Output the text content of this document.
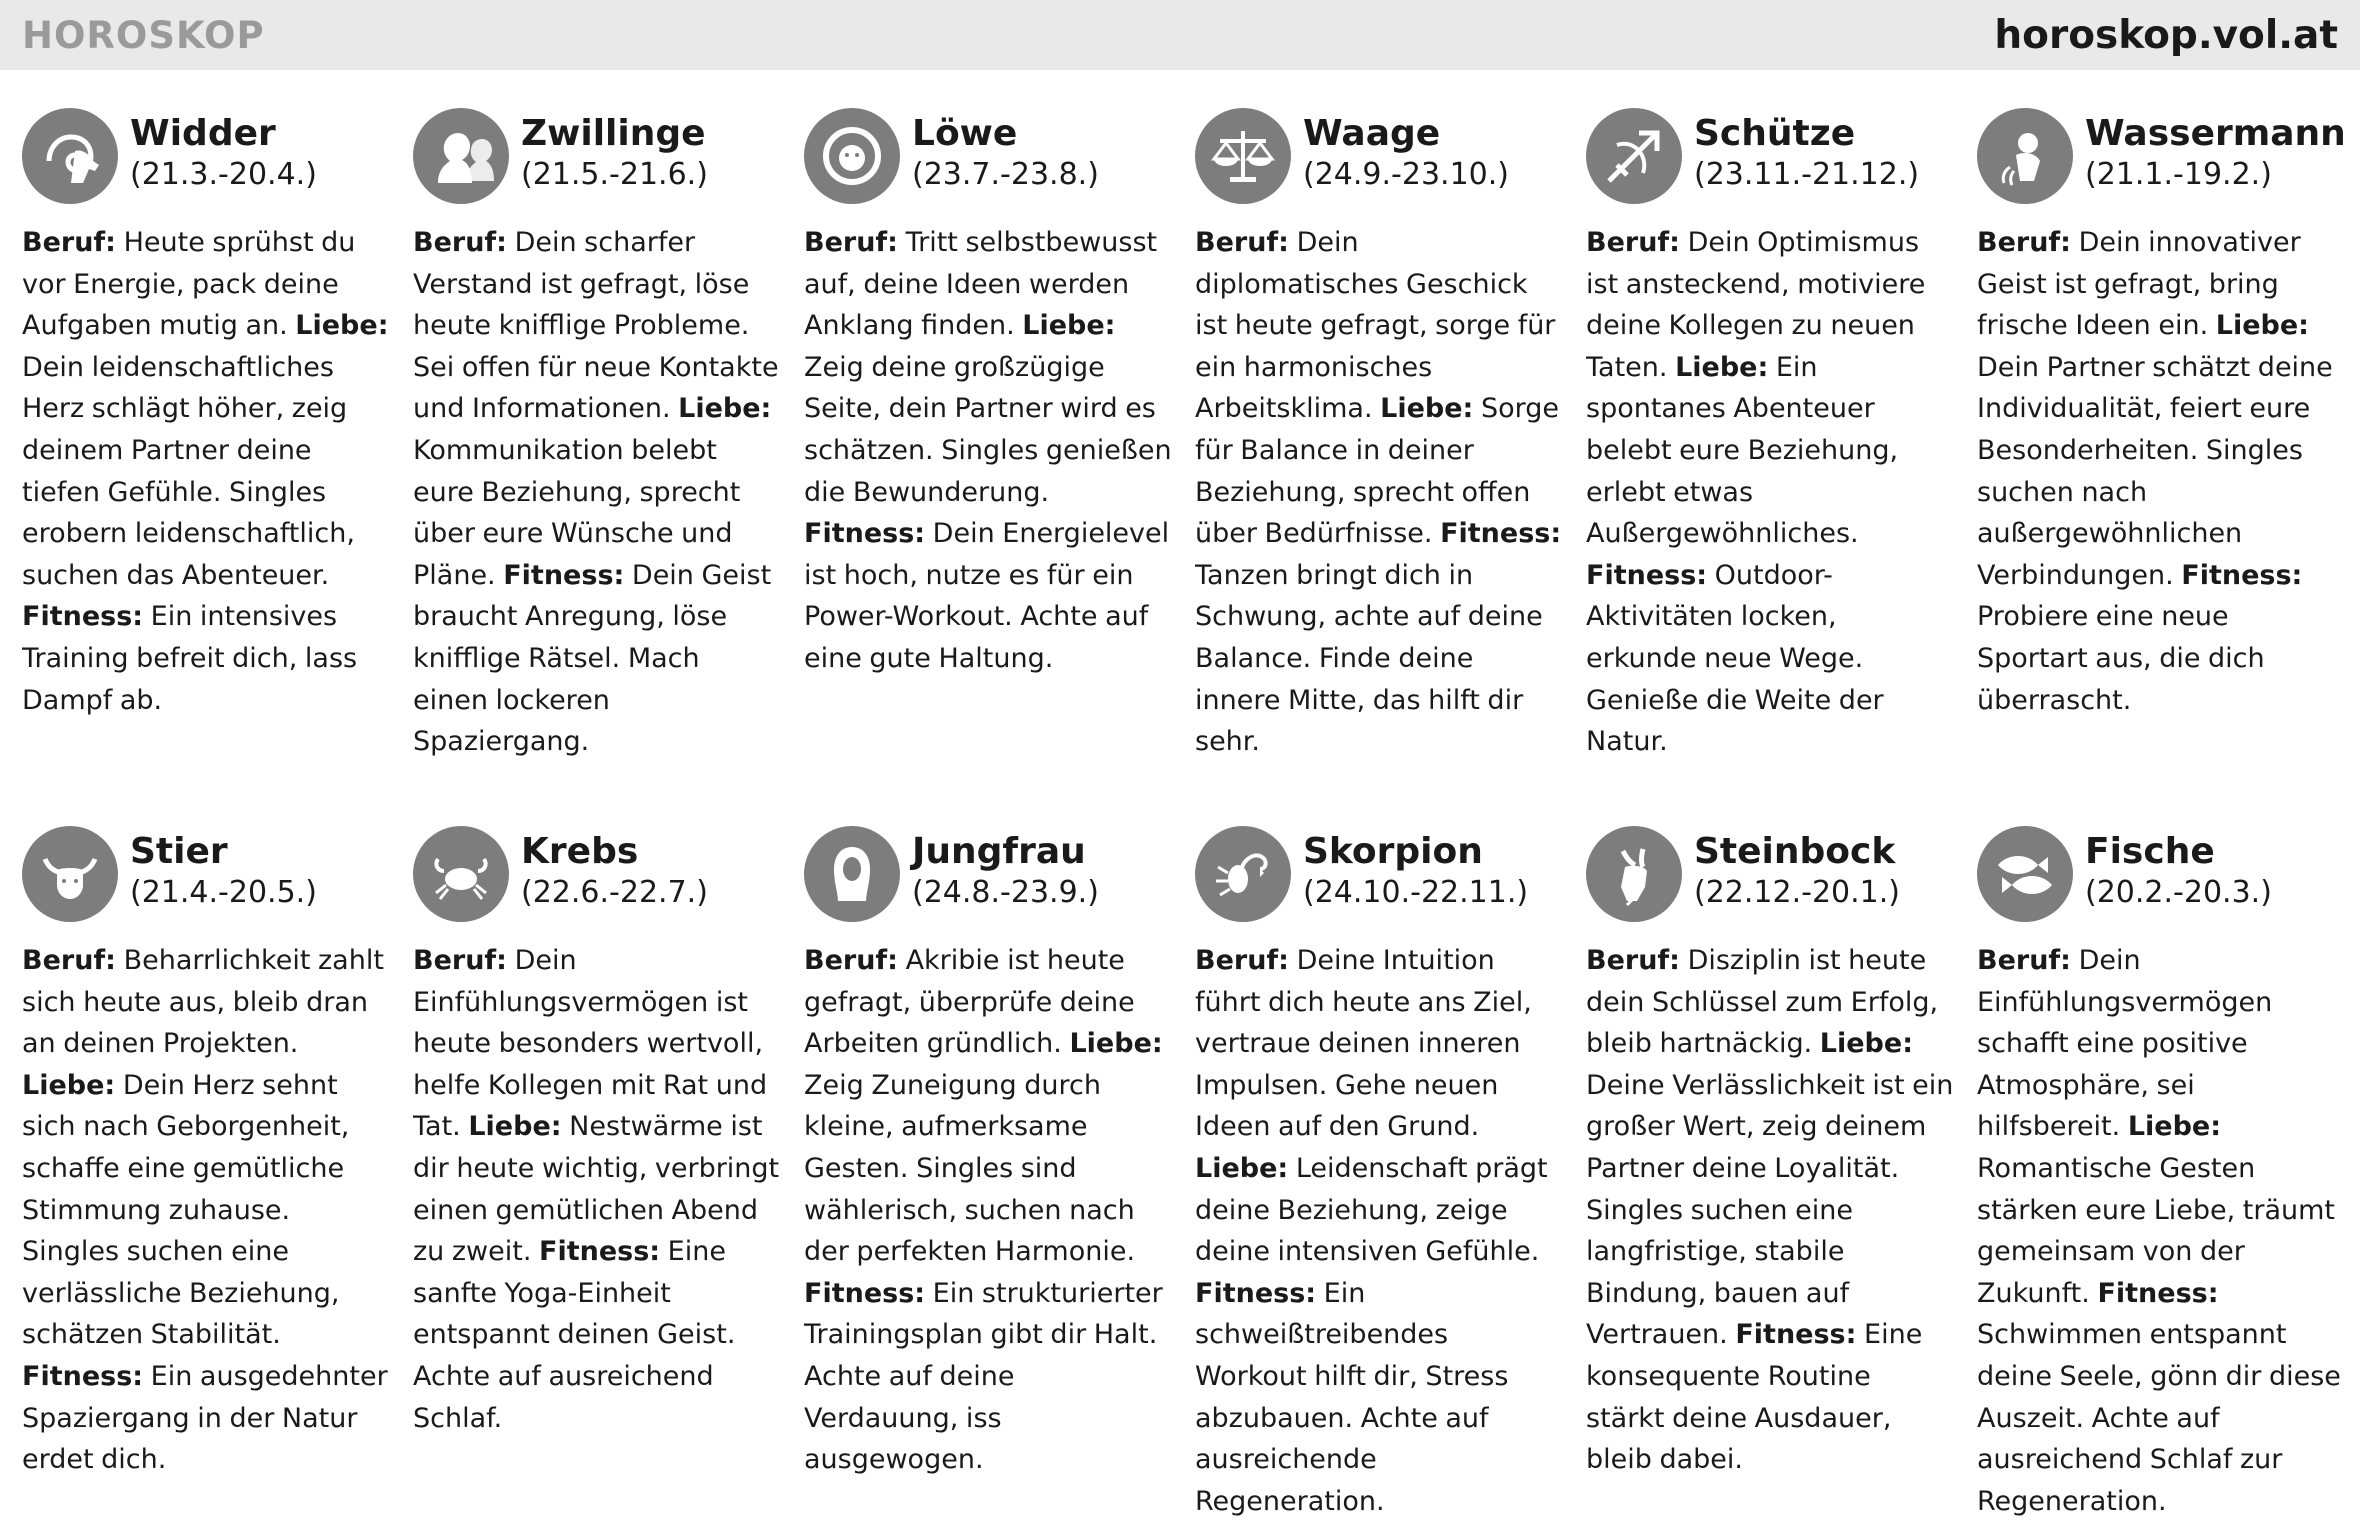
HOROSKOP	horoskop.vol.at
Widder
(21.3.-20.4.)
Beruf: Heute sprühst du vor Energie, pack deine Aufgaben mutig an. Liebe: Dein leidenschaftliches Herz schlägt höher, zeig deinem Partner deine tiefen Gefühle. Singles erobern leidenschaftlich, suchen das Abenteuer. Fitness: Ein intensives Training befreit dich, lass Dampf ab.
Zwillinge
(21.5.-21.6.)
Beruf: Dein scharfer Verstand ist gefragt, löse heute knifflige Probleme. Sei offen für neue Kontakte und Informationen. Liebe: Kommunikation belebt eure Beziehung, sprecht über eure Wünsche und Pläne. Fitness: Dein Geist braucht Anregung, löse knifflige Rätsel. Mach einen lockeren Spaziergang.
Löwe
(23.7.-23.8.)
Beruf: Tritt selbstbewusst auf, deine Ideen werden Anklang finden. Liebe: Zeig deine großzügige Seite, dein Partner wird es schätzen. Singles genießen die Bewunderung. Fitness: Dein Energielevel ist hoch, nutze es für ein Power-Workout. Achte auf eine gute Haltung.
Waage
(24.9.-23.10.)
Beruf: Dein diplomatisches Geschick ist heute gefragt, sorge für ein harmonisches Arbeitsklima. Liebe: Sorge für Balance in deiner Beziehung, sprecht offen über Bedürfnisse. Fitness: Tanzen bringt dich in Schwung, achte auf deine Balance. Finde deine innere Mitte, das hilft dir sehr.
Schütze
(23.11.-21.12.)
Beruf: Dein Optimismus ist ansteckend, motiviere deine Kollegen zu neuen Taten. Liebe: Ein spontanes Abenteuer belebt eure Beziehung, erlebt etwas Außergewöhnliches. Fitness: Outdoor-Aktivitäten locken, erkunde neue Wege. Genieße die Weite der Natur.
Wassermann
(21.1.-19.2.)
Beruf: Dein innovativer Geist ist gefragt, bring frische Ideen ein. Liebe: Dein Partner schätzt deine Individualität, feiert eure Besonderheiten. Singles suchen nach außergewöhnlichen Verbindungen. Fitness: Probiere eine neue Sportart aus, die dich überrascht.
Stier
(21.4.-20.5.)
Beruf: Beharrlichkeit zahlt sich heute aus, bleib dran an deinen Projekten. Liebe: Dein Herz sehnt sich nach Geborgenheit, schaffe eine gemütliche Stimmung zuhause. Singles suchen eine verlässliche Beziehung, schätzen Stabilität. Fitness: Ein ausgedehnter Spaziergang in der Natur erdet dich.
Krebs
(22.6.-22.7.)
Beruf: Dein Einfühlungsvermögen ist heute besonders wertvoll, helfe Kollegen mit Rat und Tat. Liebe: Nestwärme ist dir heute wichtig, verbringt einen gemütlichen Abend zu zweit. Fitness: Eine sanfte Yoga-Einheit entspannt deinen Geist. Achte auf ausreichend Schlaf.
Jungfrau
(24.8.-23.9.)
Beruf: Akribie ist heute gefragt, überprüfe deine Arbeiten gründlich. Liebe: Zeig Zuneigung durch kleine, aufmerksame Gesten. Singles sind wählerisch, suchen nach der perfekten Harmonie. Fitness: Ein strukturierter Trainingsplan gibt dir Halt. Achte auf deine Verdauung, iss ausgewogen.
Skorpion
(24.10.-22.11.)
Beruf: Deine Intuition führt dich heute ans Ziel, vertraue deinen inneren Impulsen. Gehe neuen Ideen auf den Grund. Liebe: Leidenschaft prägt deine Beziehung, zeige deine intensiven Gefühle. Fitness: Ein schweißtreibendes Workout hilft dir, Stress abzubauen. Achte auf ausreichende Regeneration.
Steinbock
(22.12.-20.1.)
Beruf: Disziplin ist heute dein Schlüssel zum Erfolg, bleib hartnäckig. Liebe: Deine Verlässlichkeit ist ein großer Wert, zeig deinem Partner deine Loyalität. Singles suchen eine langfristige, stabile Bindung, bauen auf Vertrauen. Fitness: Eine konsequente Routine stärkt deine Ausdauer, bleib dabei.
Fische
(20.2.-20.3.)
Beruf: Dein Einfühlungsvermögen schafft eine positive Atmosphäre, sei hilfsbereit. Liebe: Romantische Gesten stärken eure Liebe, träumt gemeinsam von der Zukunft. Fitness: Schwimmen entspannt deine Seele, gönn dir diese Auszeit. Achte auf ausreichend Schlaf zur Regeneration.
